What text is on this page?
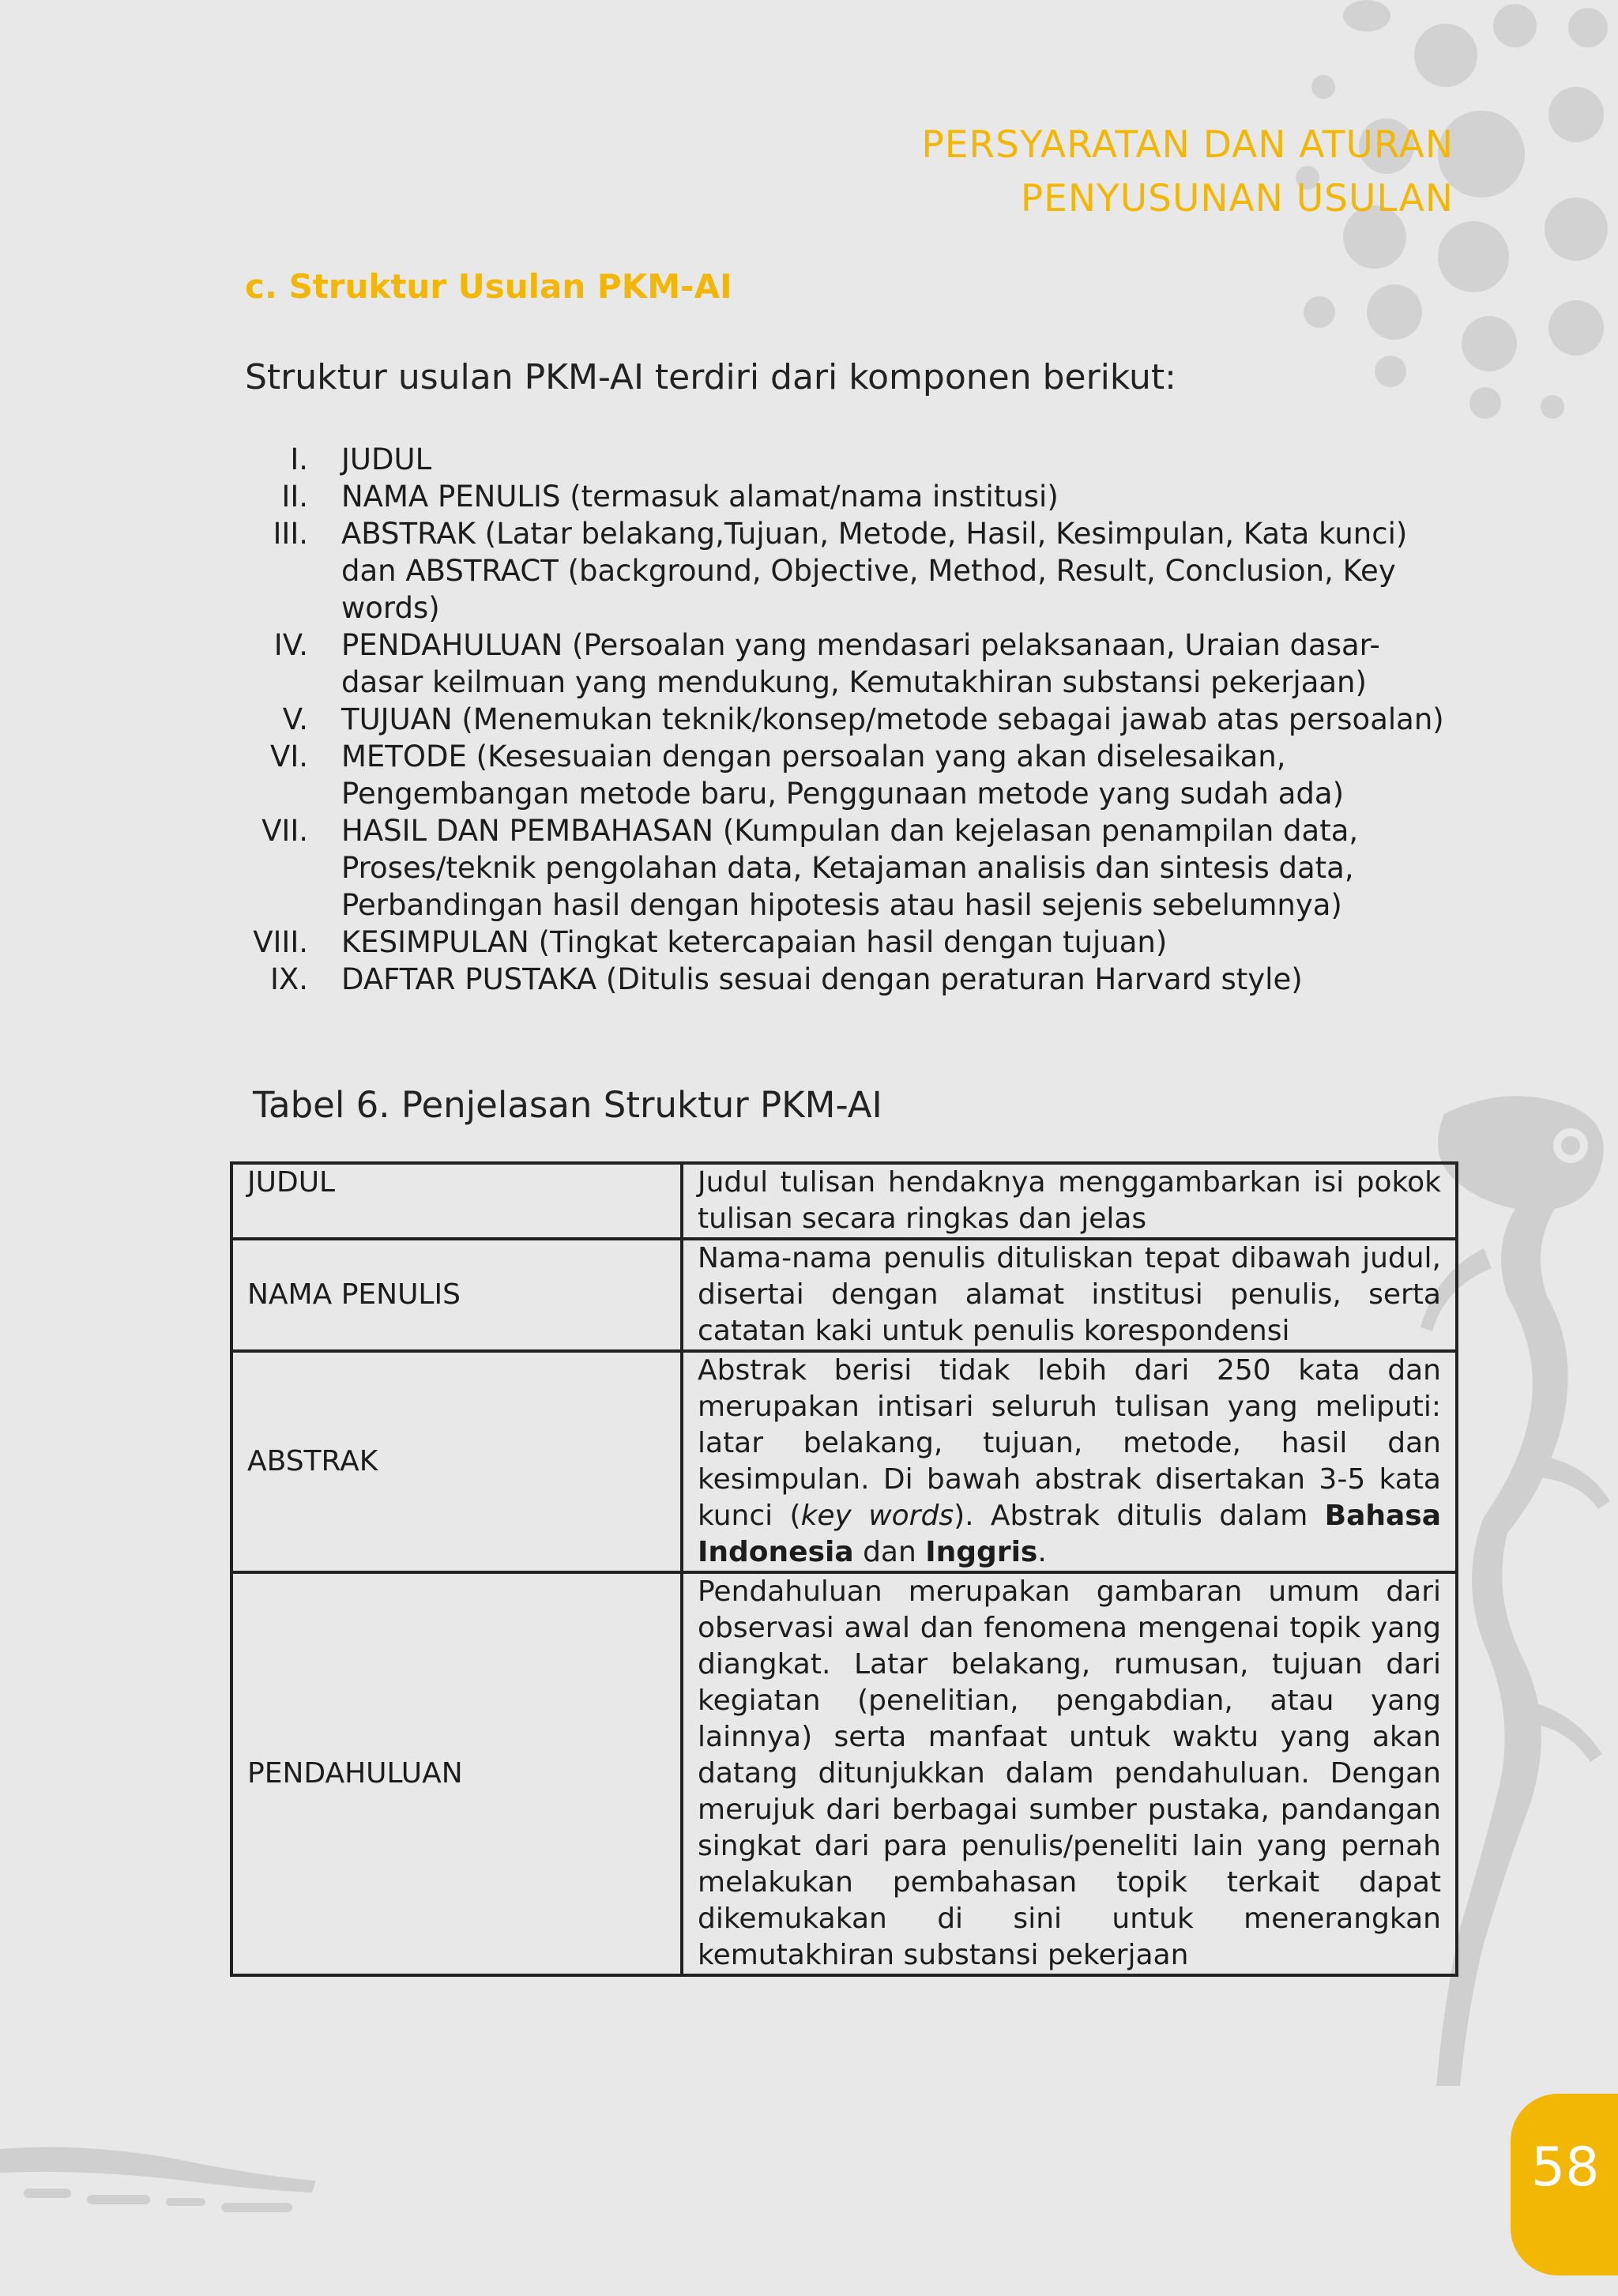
PERSYARATAN DAN ATURAN
PENYUSUNAN USULAN
c. Struktur Usulan PKM-AI
Struktur usulan PKM-AI terdiri dari komponen berikut:
I. JUDUL
II. NAMA PENULIS (termasuk alamat/nama institusi)
III. ABSTRAK (Latar belakang,Tujuan, Metode, Hasil, Kesimpulan, Kata kunci) dan ABSTRACT (background, Objective, Method, Result, Conclusion, Key words)
IV. PENDAHULUAN (Persoalan yang mendasari pelaksanaan, Uraian dasar-dasar keilmuan yang mendukung, Kemutakhiran substansi pekerjaan)
V. TUJUAN (Menemukan teknik/konsep/metode sebagai jawab atas persoalan)
VI. METODE (Kesesuaian dengan persoalan yang akan diselesaikan, Pengembangan metode baru, Penggunaan metode yang sudah ada)
VII. HASIL DAN PEMBAHASAN (Kumpulan dan kejelasan penampilan data, Proses/teknik pengolahan data, Ketajaman analisis dan sintesis data, Perbandingan hasil dengan hipotesis atau hasil sejenis sebelumnya)
VIII. KESIMPULAN (Tingkat ketercapaian hasil dengan tujuan)
IX. DAFTAR PUSTAKA (Ditulis sesuai dengan peraturan Harvard style)
Tabel 6. Penjelasan Struktur PKM-AI
JUDUL	Judul tulisan hendaknya menggambarkan isi pokok tulisan secara ringkas dan jelas
NAMA PENULIS	Nama-nama penulis dituliskan tepat dibawah judul, disertai dengan alamat institusi penulis, serta catatan kaki untuk penulis korespondensi
ABSTRAK	Abstrak berisi tidak lebih dari 250 kata dan merupakan intisari seluruh tulisan yang meliputi: latar belakang, tujuan, metode, hasil dan kesimpulan. Di bawah abstrak disertakan 3-5 kata kunci (key words). Abstrak ditulis dalam Bahasa Indonesia dan Inggris.
PENDAHULUAN	Pendahuluan merupakan gambaran umum dari observasi awal dan fenomena mengenai topik yang diangkat. Latar belakang, rumusan, tujuan dari kegiatan (penelitian, pengabdian, atau yang lainnya) serta manfaat untuk waktu yang akan datang ditunjukkan dalam pendahuluan. Dengan merujuk dari berbagai sumber pustaka, pandangan singkat dari para penulis/peneliti lain yang pernah melakukan pembahasan topik terkait dapat dikemukakan di sini untuk menerangkan kemutakhiran substansi pekerjaan
58
